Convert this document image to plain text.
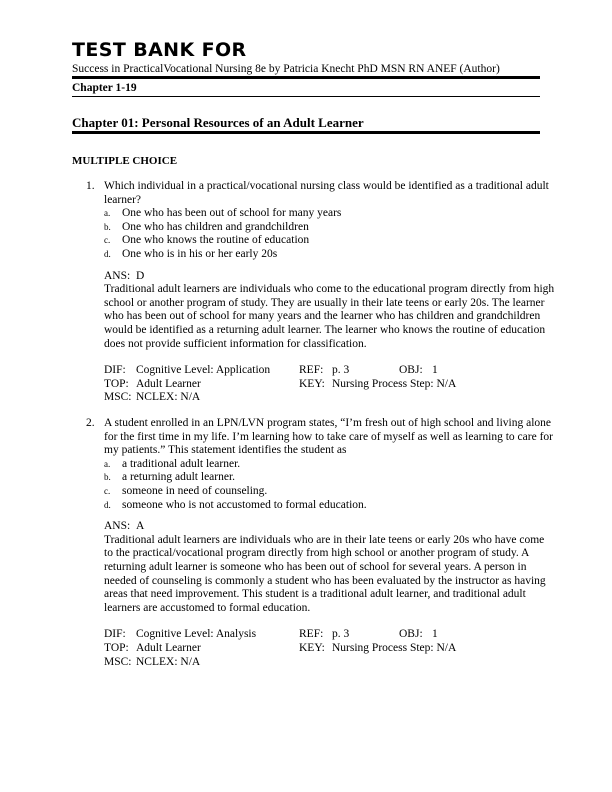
TEST BANK FOR
Success in PracticalVocational Nursing 8e by Patricia Knecht PhD MSN RN ANEF (Author)
Chapter 1-19
Chapter 01: Personal Resources of an Adult Learner
MULTIPLE CHOICE
1. Which individual in a practical/vocational nursing class would be identified as a traditional adult learner?
a. One who has been out of school for many years
b. One who has children and grandchildren
c. One who knows the routine of education
d. One who is in his or her early 20s
ANS:  D
Traditional adult learners are individuals who come to the educational program directly from high school or another program of study. They are usually in their late teens or early 20s. The learner who has been out of school for many years and the learner who has children and grandchildren would be identified as a returning adult learner. The learner who knows the routine of education does not provide sufficient information for classification.
DIF: Cognitive Level: Application	REF: p. 3	OBJ: 1
TOP: Adult Learner	KEY: Nursing Process Step: N/A
MSC: NCLEX: N/A
2. A student enrolled in an LPN/LVN program states, “I’m fresh out of high school and living alone for the first time in my life. I’m learning how to take care of myself as well as learning to care for my patients.” This statement identifies the student as
a. a traditional adult learner.
b. a returning adult learner.
c. someone in need of counseling.
d. someone who is not accustomed to formal education.
ANS:  A
Traditional adult learners are individuals who are in their late teens or early 20s who have come to the practical/vocational program directly from high school or another program of study. A returning adult learner is someone who has been out of school for several years. A person in needed of counseling is commonly a student who has been evaluated by the instructor as having areas that need improvement. This student is a traditional adult learner, and traditional adult learners are accustomed to formal education.
DIF: Cognitive Level: Analysis	REF: p. 3	OBJ: 1
TOP: Adult Learner	KEY: Nursing Process Step: N/A
MSC: NCLEX: N/A
